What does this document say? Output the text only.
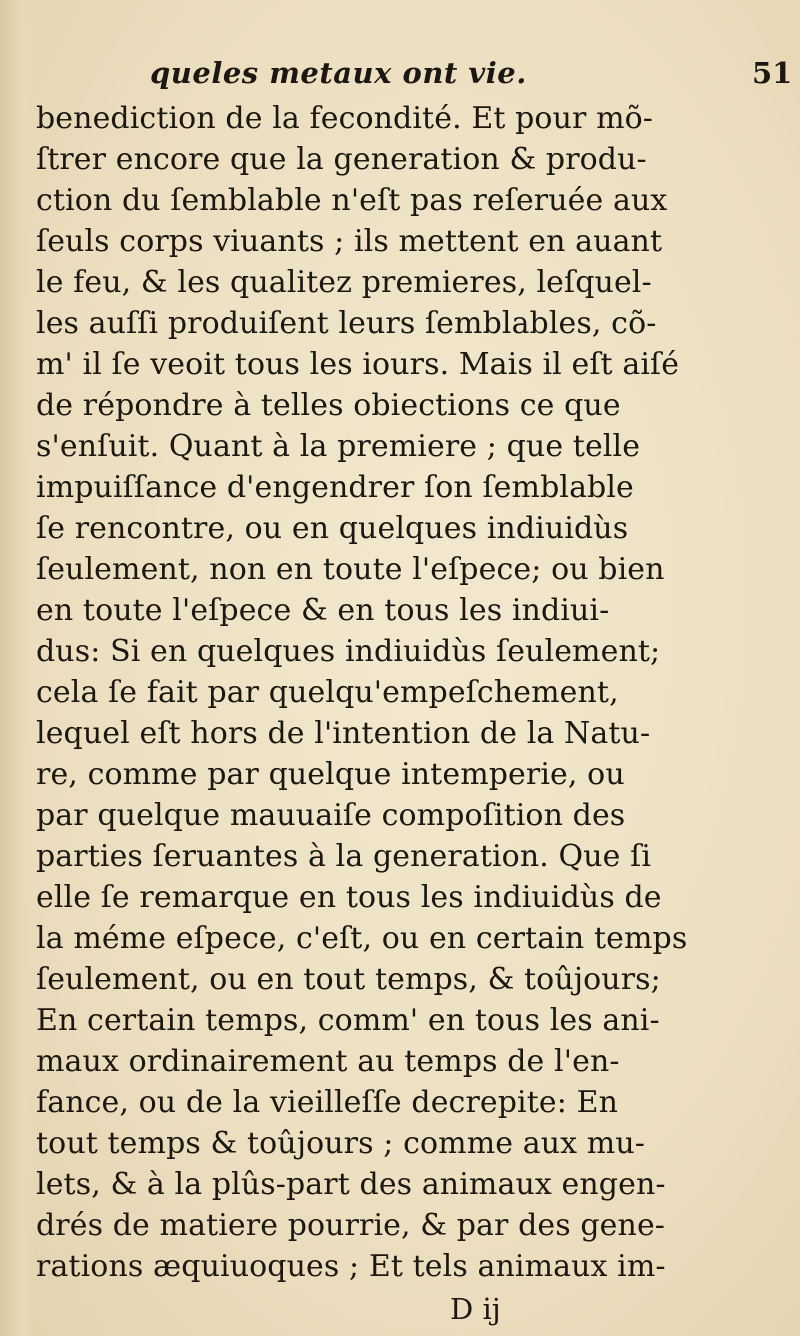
queles metaux ont vie.	51
benediction de la fecondité. Et pour mõ-
ſtrer encore que la generation & produ-
ction du ſemblable n'eſt pas reſeruée aux
ſeuls corps viuants ; ils mettent en auant
le feu, & les qualitez premieres, leſquel-
les auſſi produiſent leurs ſemblables, cõ-
m' il ſe veoit tous les iours. Mais il eſt aiſé
de répondre à telles obiections ce que
s'enſuit. Quant à la premiere ; que telle
impuiſſance d'engendrer ſon ſemblable
ſe rencontre, ou en quelques indiuidùs
ſeulement, non en toute l'eſpece; ou bien
en toute l'eſpece & en tous les indiui-
dus: Si en quelques indiuidùs ſeulement;
cela ſe fait par quelqu'empeſchement,
lequel eſt hors de l'intention de la Natu-
re, comme par quelque intemperie, ou
par quelque mauuaiſe compoſition des
parties ſeruantes à la generation. Que ſi
elle ſe remarque en tous les indiuidùs de
la méme eſpece, c'eſt, ou en certain temps
ſeulement, ou en tout temps, & toûjours;
En certain temps, comm' en tous les ani-
maux ordinairement au temps de l'en-
fance, ou de la vieilleſſe decrepite: En
tout temps & toûjours ; comme aux mu-
lets, & à la plûs-part des animaux engen-
drés de matiere pourrie, & par des gene-
rations æquiuoques ; Et tels animaux im-
D ij
